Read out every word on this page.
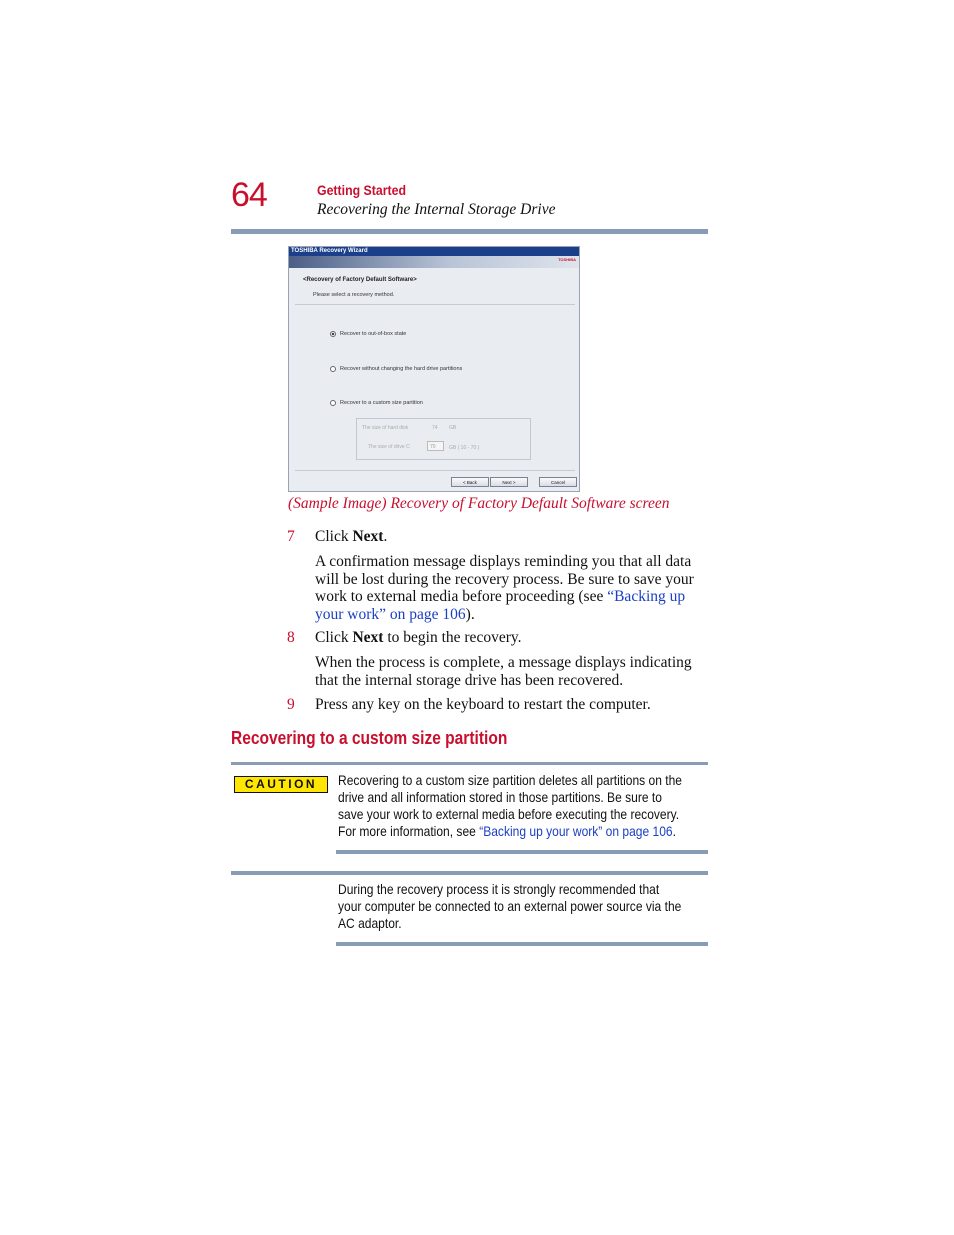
64	Getting Started
Recovering the Internal Storage Drive
TOSHIBA Recovery Wizard
TOSHIBA
<Recovery of Factory Default Software>
Please select a recovery method.
Recover to out-of-box state
Recover without changing the hard drive partitions
Recover to a custom size partition
The size of hard disk	74 GB
The size of drive C	70	GB ( 10 - 70 )
< Back	Next >	Cancel
(Sample Image) Recovery of Factory Default Software screen
7 Click Next.
A confirmation message displays reminding you that all data will be lost during the recovery process. Be sure to save your work to external media before proceeding (see “Backing up your work” on page 106).
8 Click Next to begin the recovery.
When the process is complete, a message displays indicating that the internal storage drive has been recovered.
9 Press any key on the keyboard to restart the computer.
Recovering to a custom size partition
CAUTION	Recovering to a custom size partition deletes all partitions on the drive and all information stored in those partitions. Be sure to save your work to external media before executing the recovery. For more information, see “Backing up your work” on page 106.
During the recovery process it is strongly recommended that your computer be connected to an external power source via the AC adaptor.
